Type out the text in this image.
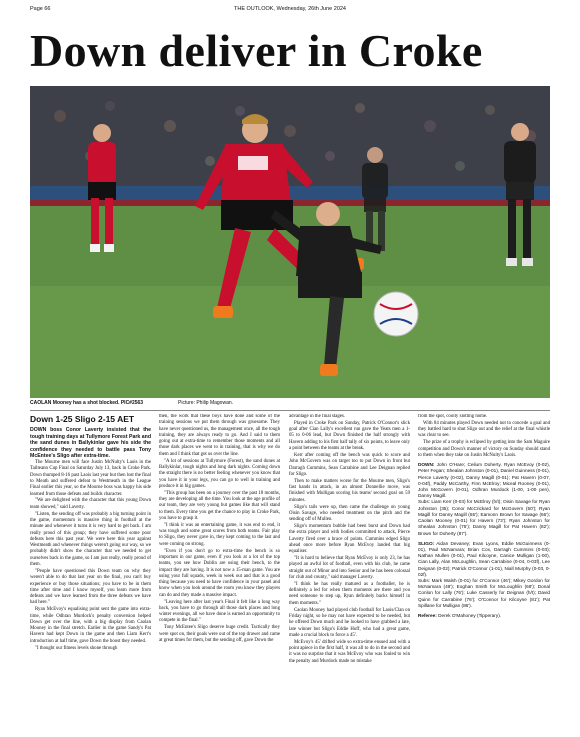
Page 66	THE OUTLOOK, Wednesday, 26th June 2024
Down deliver in Croke
CAOLAN Mooney has a shot blocked. PIC#2563	Picture: Philip Magowan.
Down 1-25 Sligo 2-15 AET

DOWN boss Conor Laverty insisted that the tough training days at Tullymore Forest Park and the sand dunes in Ballykinlar gave his side the confidence they needed to battle pass Tony McEntee's Sligo after extra-time.

The Mourne men will face Justin McNulty's Laois in the Tailteann Cup Final on Saturday July 13, back in Croke Park. Down thumped 8-16 past Laois last year but then lost the final to Meath and suffered defeat to Westmeath in the League Final earlier this year, so the Mourne boss was happy his side learned from those defeats and builds character.

"We are delighted with the character that this young Down team showed," said Laverty.

"Listen, the sending off was probably a big turning point in the game, momentum is massive thing in football at the minute and whenever it turns it is very hard to get back. I am really proud of this group; they have suffered some poor defeats here this past year. We were here this year against Westmeath and whenever things weren't going our way, so we probably didn't show the character that we needed to get ourselves back in the game, so I am just really, really proud of them.

"People have questioned this Down team on why they weren't able to do that last year on the final, you can't buy experience or buy those situations; you have to be in them time after time and I know myself, you learn more from defeats and we have learned from the three defeats we have had here."

Ryan McEvoy's equalising point sent the game into extra-time, while Odhran Murdock's penalty conversion helped Down get over the line, with a big display from Caolan Mooney in the final stretch. Earlier in the game Sandy's Pat Havern had kept Down in the game and then Liam Kerr's introduction at half time, gave Down the boost they needed.

"I thought our fitness levels shone through

then, the work that these boys have done and some of the training sessions we put them through was gruesome. They have never questioned us, the management once, all the tough training, they are always ready to go. And I said to them going out at extra-time to remember those moments and all those dark places we went to in training, that is why we do them and I think that got us over the line.

"A lot of sessions at Tullymore (Forest), the sand dunes at Ballykinlar, tough nights and long dark nights. Coming down the straight there is no better feeling whenever you know that you have it in your legs, you can go to well in training and produce it in big games.

"This group has been on a journey over the past 18 months, they are developing all the time. You look at the age profile of our team, they are very young but games like that will stand to them. Every time you get the chance to play in Croke Park, you have to grasp it.

"I think it was an entertaining game, it was end to end, it was tough and some great scores from both teams. Fair play to Sligo, they never gave in, they kept coming to the last and were coming on strong.

"Even if you don't go to extra-time the bench is so important in our game, even if you look at a lot of the top teams, you see how Dublin are using their bench, to the impact they are having. It is not now a 15-man game. You are using your full squads, week in week out and that is a good thing because you need to have confidence in your panel and know when you look around the room you know they players can do and they made a massive impact.

"Leaving here after last year's Final it felt like a long way back, you have to go through all those dark places and long winter evenings, all we have done is earned an opportunity to compete in the final."

Tony McEntee's Sligo deserve huge credit. Tactically they were spot on, their goals were out of the top drawer and came at great times for them, but the sending off, gave Down the

advantage in the final stages.

Played in Croke Park on Sunday, Patrick O'Connor's slick goal after Cian Lally's excellent run gave the Yeats men a 1-05 to 0-06 lead, but Down finished the half strongly with Havern adding to his first half tally of six points, to leave only a point between the teams at the break.

Kerr after coming off the bench was quick to score and John McGovern was on target too to put Down in front but Darragh Cummins, Sean Carrabine and Lee Deignan replied for Sligo.

Then to make matters worse for the Mourne men, Sligo's fast hands in attack, in an almost Donnellie move, was finished with Mulligan scoring his teams' second goal on 59 minutes.

Sligo's tails were up, then came the challenge on young Oisin Savage, who needed treatment on the pitch and the sending off of Mullen.

Sligo's momentum bubble had been burst and Down had the extra player and with bodies committed to attack, Pierce Laverty fired over a brace of points. Cummins edged Sligo ahead once more before Ryan McEvoy landed that big equaliser.

"It is hard to believe that Ryan McEvoy is only 23, he has played an awful lot of football, even with his club, he came straight out of Minor and into Senior and he has been colossal for club and county," said manager Laverty.

"I think he has really matured as a footballer, he is definitely a led for when them moments are there and you need someone to step up, Ryan definitely backs himself in them moments."

Caolan Mooney had played club football for Laois/Clan on Friday night, so he may not have expected to be needed, but he offered Down much and he looked to have grabbed a late, late winner but Sligo's Eddie Hoff, who had a great game, made a crucial block to force a 45'.

McEvoy's 45' drifted wide so extra-time ensued and with a point apiece in the first half, it was all to do in the second and it was no surprise that it was McEvoy who was fouled to win the penalty and Murdock made no mistake

from the spot, coolly slotting home.

With 84 minutes played Down needed not to concede a goal and they battled hard to shut Sligo out and the relief at the final whistle was clear to see.

The prize of a trophy is eclipsed by getting into the Sam Maguire competition and Down's manner of victory on Sunday should stand to them when they take on Justin McNulty's Laois.

DOWN: John O'Hare; Ceilum Doherty, Ryan McEvoy (0-02), Peter Fegan; Shealan Johnston (0-01), Daniel Guinness (0-01), Pierce Laverty (0-02), Danny Magill (0-01); Pat Havern (0-07, 0-04f), Paddy McCarthy, Finn McElroy; Miceal Rooney (0-01), John McGovern (0-01), Odhran Murdock (1-00, 1-00 pen), Danny Magill.
Subs: Liam Kerr (0-03) for McElroy (h/t); Oisin Savage for Ryan Johnston (35); Conor McCrickard for McGovern (50'); Ryan Magill for Danny Magill (65'); Eamonn Brown for Savage (66'); Caolan Mooney (0-01) for Havern (73'); Ryan Johnston for Shealan Johnston (75'); Danny Magill for Pat Havern (82'); Brown for Doherty (87').

SLIGO: Aidan Devaney; Evan Lyons, Eddie McGuinness (0-01), Paul McNamara; Brian Cox, Darragh Cummins (0-03); Nathan Mullen (0-01), Paul Kilcoyne, Canice Mulligan (1-00), Cian Lally, Alan McLoughlin, Sean Carrabine (0-04, 0-03f), Lee Deignan (0-02); Patrick O'Connor (1-01), Niall Murphy (0-03, 0-02f).
Subs: Mark Walsh (0-01) for O'Connor (46'); Mikey Gordon for McNamara (49'); Eoghan Smith for McLoughlin (69'); Donal Conlon for Lally (76'); Luke Casserly for Deignan (h/t); David Quinn for Carrabine (76'); O'Connor for Kilcoyne (81'); Pat Spillane for Mulligan (86').

Referee: Derek O'Mahoney (Tipperary).
